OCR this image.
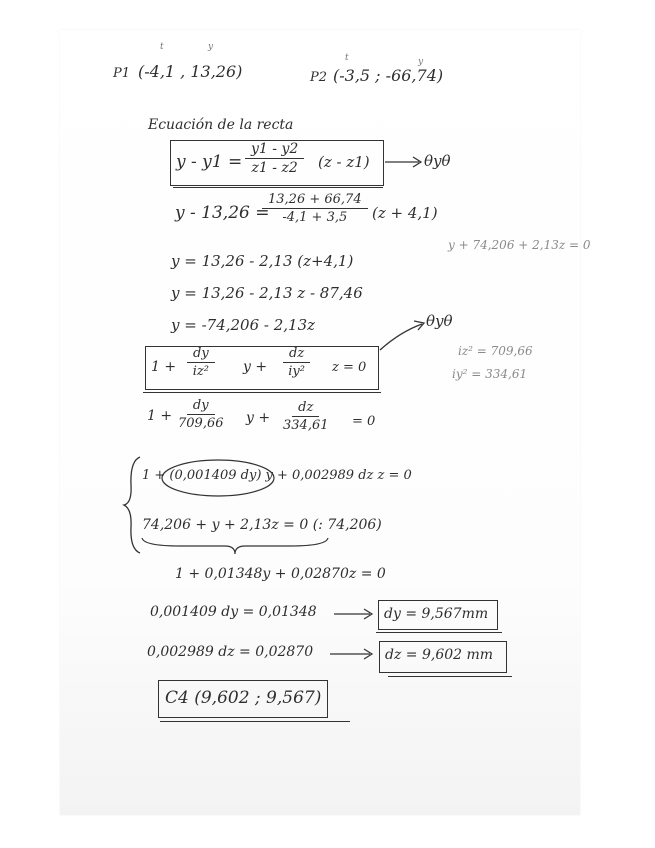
t	y
P1 (-4,1 , 13,26)
t	y
P2 (-3,5 ; -66,74)
Ecuación de la recta
$y - y1 = \frac{y1 - y2}{z1 - z2} (z - z1)$	θyθ
y - 13,26 =
$\frac{13,26 + 66,74}{-4,1 + 3,5} (z + 4,1)$
y + 74,206 + 2,13z = 0
y = 13,26 - 2,13 (z+4,1)
y = 13,26 - 2,13 z - 87,46
y = -74,206 - 2,13z	θyθ
$1 + \frac{dy}{\text{iz²}}$ $y + \frac{dz}{\text{iy²}}$ z = 0
iz² = 709,66
iy² = 334,61
$1 + \frac{dy}{709,66}$ $y + \frac{dz}{334,61} = 0$
1 + (0,001409 dy) y + 0,002989 dz z = 0
74,206 + y + 2,13z = 0 (: 74,206)
1 + 0,01348y + 0,02870z = 0
0,001409 dy = 0,01348	dy = 9,567mm
0,002989 dz = 0,02870	dz = 9,602 mm
C4 (9,602 ; 9,567)
